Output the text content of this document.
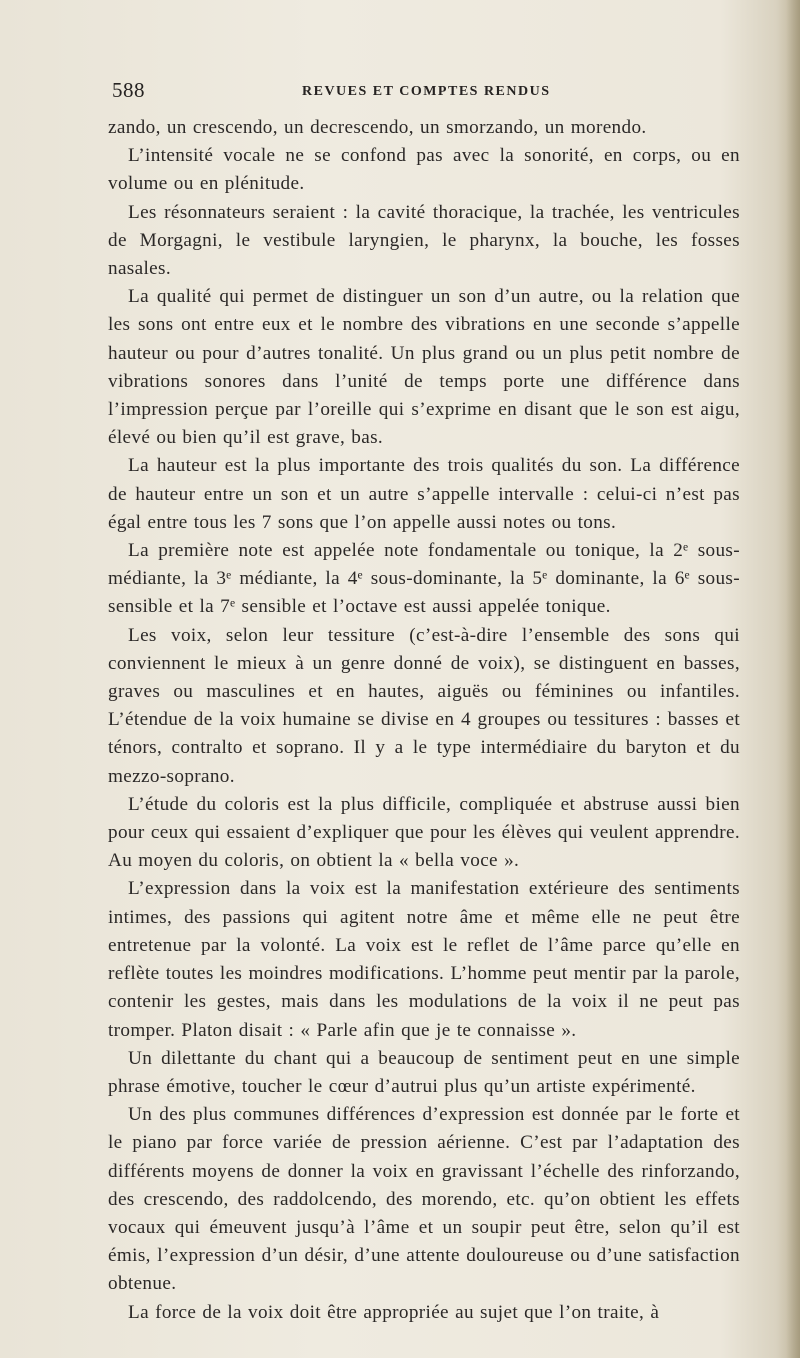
588	REVUES ET COMPTES RENDUS

zando, un crescendo, un decrescendo, un smorzando, un morendo.

L’intensité vocale ne se confond pas avec la sonorité, en corps, ou en volume ou en plénitude.

Les résonnateurs seraient : la cavité thoracique, la trachée, les ventricules de Morgagni, le vestibule laryngien, le pharynx, la bouche, les fosses nasales.

La qualité qui permet de distinguer un son d’un autre, ou la relation que les sons ont entre eux et le nombre des vibrations en une seconde s’appelle hauteur ou pour d’autres tonalité. Un plus grand ou un plus petit nombre de vibrations sonores dans l’unité de temps porte une différence dans l’impression perçue par l’oreille qui s’exprime en disant que le son est aigu, élevé ou bien qu’il est grave, bas.

La hauteur est la plus importante des trois qualités du son. La différence de hauteur entre un son et un autre s’appelle intervalle : celui-ci n’est pas égal entre tous les 7 sons que l’on appelle aussi notes ou tons.

La première note est appelée note fondamentale ou tonique, la 2ᵉ sous-médiante, la 3ᵉ médiante, la 4ᵉ sous-dominante, la 5ᵉ dominante, la 6ᵉ sous-sensible et la 7ᵉ sensible et l’octave est aussi appelée tonique.

Les voix, selon leur tessiture (c’est-à-dire l’ensemble des sons qui conviennent le mieux à un genre donné de voix), se distinguent en basses, graves ou masculines et en hautes, aiguës ou féminines ou infantiles. L’étendue de la voix humaine se divise en 4 groupes ou tessitures : basses et ténors, contralto et soprano. Il y a le type intermédiaire du baryton et du mezzo-soprano.

L’étude du coloris est la plus difficile, compliquée et abstruse aussi bien pour ceux qui essaient d’expliquer que pour les élèves qui veulent apprendre. Au moyen du coloris, on obtient la « bella voce ».

L’expression dans la voix est la manifestation extérieure des sentiments intimes, des passions qui agitent notre âme et même elle ne peut être entretenue par la volonté. La voix est le reflet de l’âme parce qu’elle en reflète toutes les moindres modifications. L’homme peut mentir par la parole, contenir les gestes, mais dans les modulations de la voix il ne peut pas tromper. Platon disait : « Parle afin que je te connaisse ».

Un dilettante du chant qui a beaucoup de sentiment peut en une simple phrase émotive, toucher le cœur d’autrui plus qu’un artiste expérimenté.

Un des plus communes différences d’expression est donnée par le forte et le piano par force variée de pression aérienne. C’est par l’adaptation des différents moyens de donner la voix en gravissant l’échelle des rinforzando, des crescendo, des raddolcendo, des morendo, etc. qu’on obtient les effets vocaux qui émeuvent jusqu’à l’âme et un soupir peut être, selon qu’il est émis, l’expression d’un désir, d’une attente douloureuse ou d’une satisfaction obtenue.

La force de la voix doit être appropriée au sujet que l’on traite, à
